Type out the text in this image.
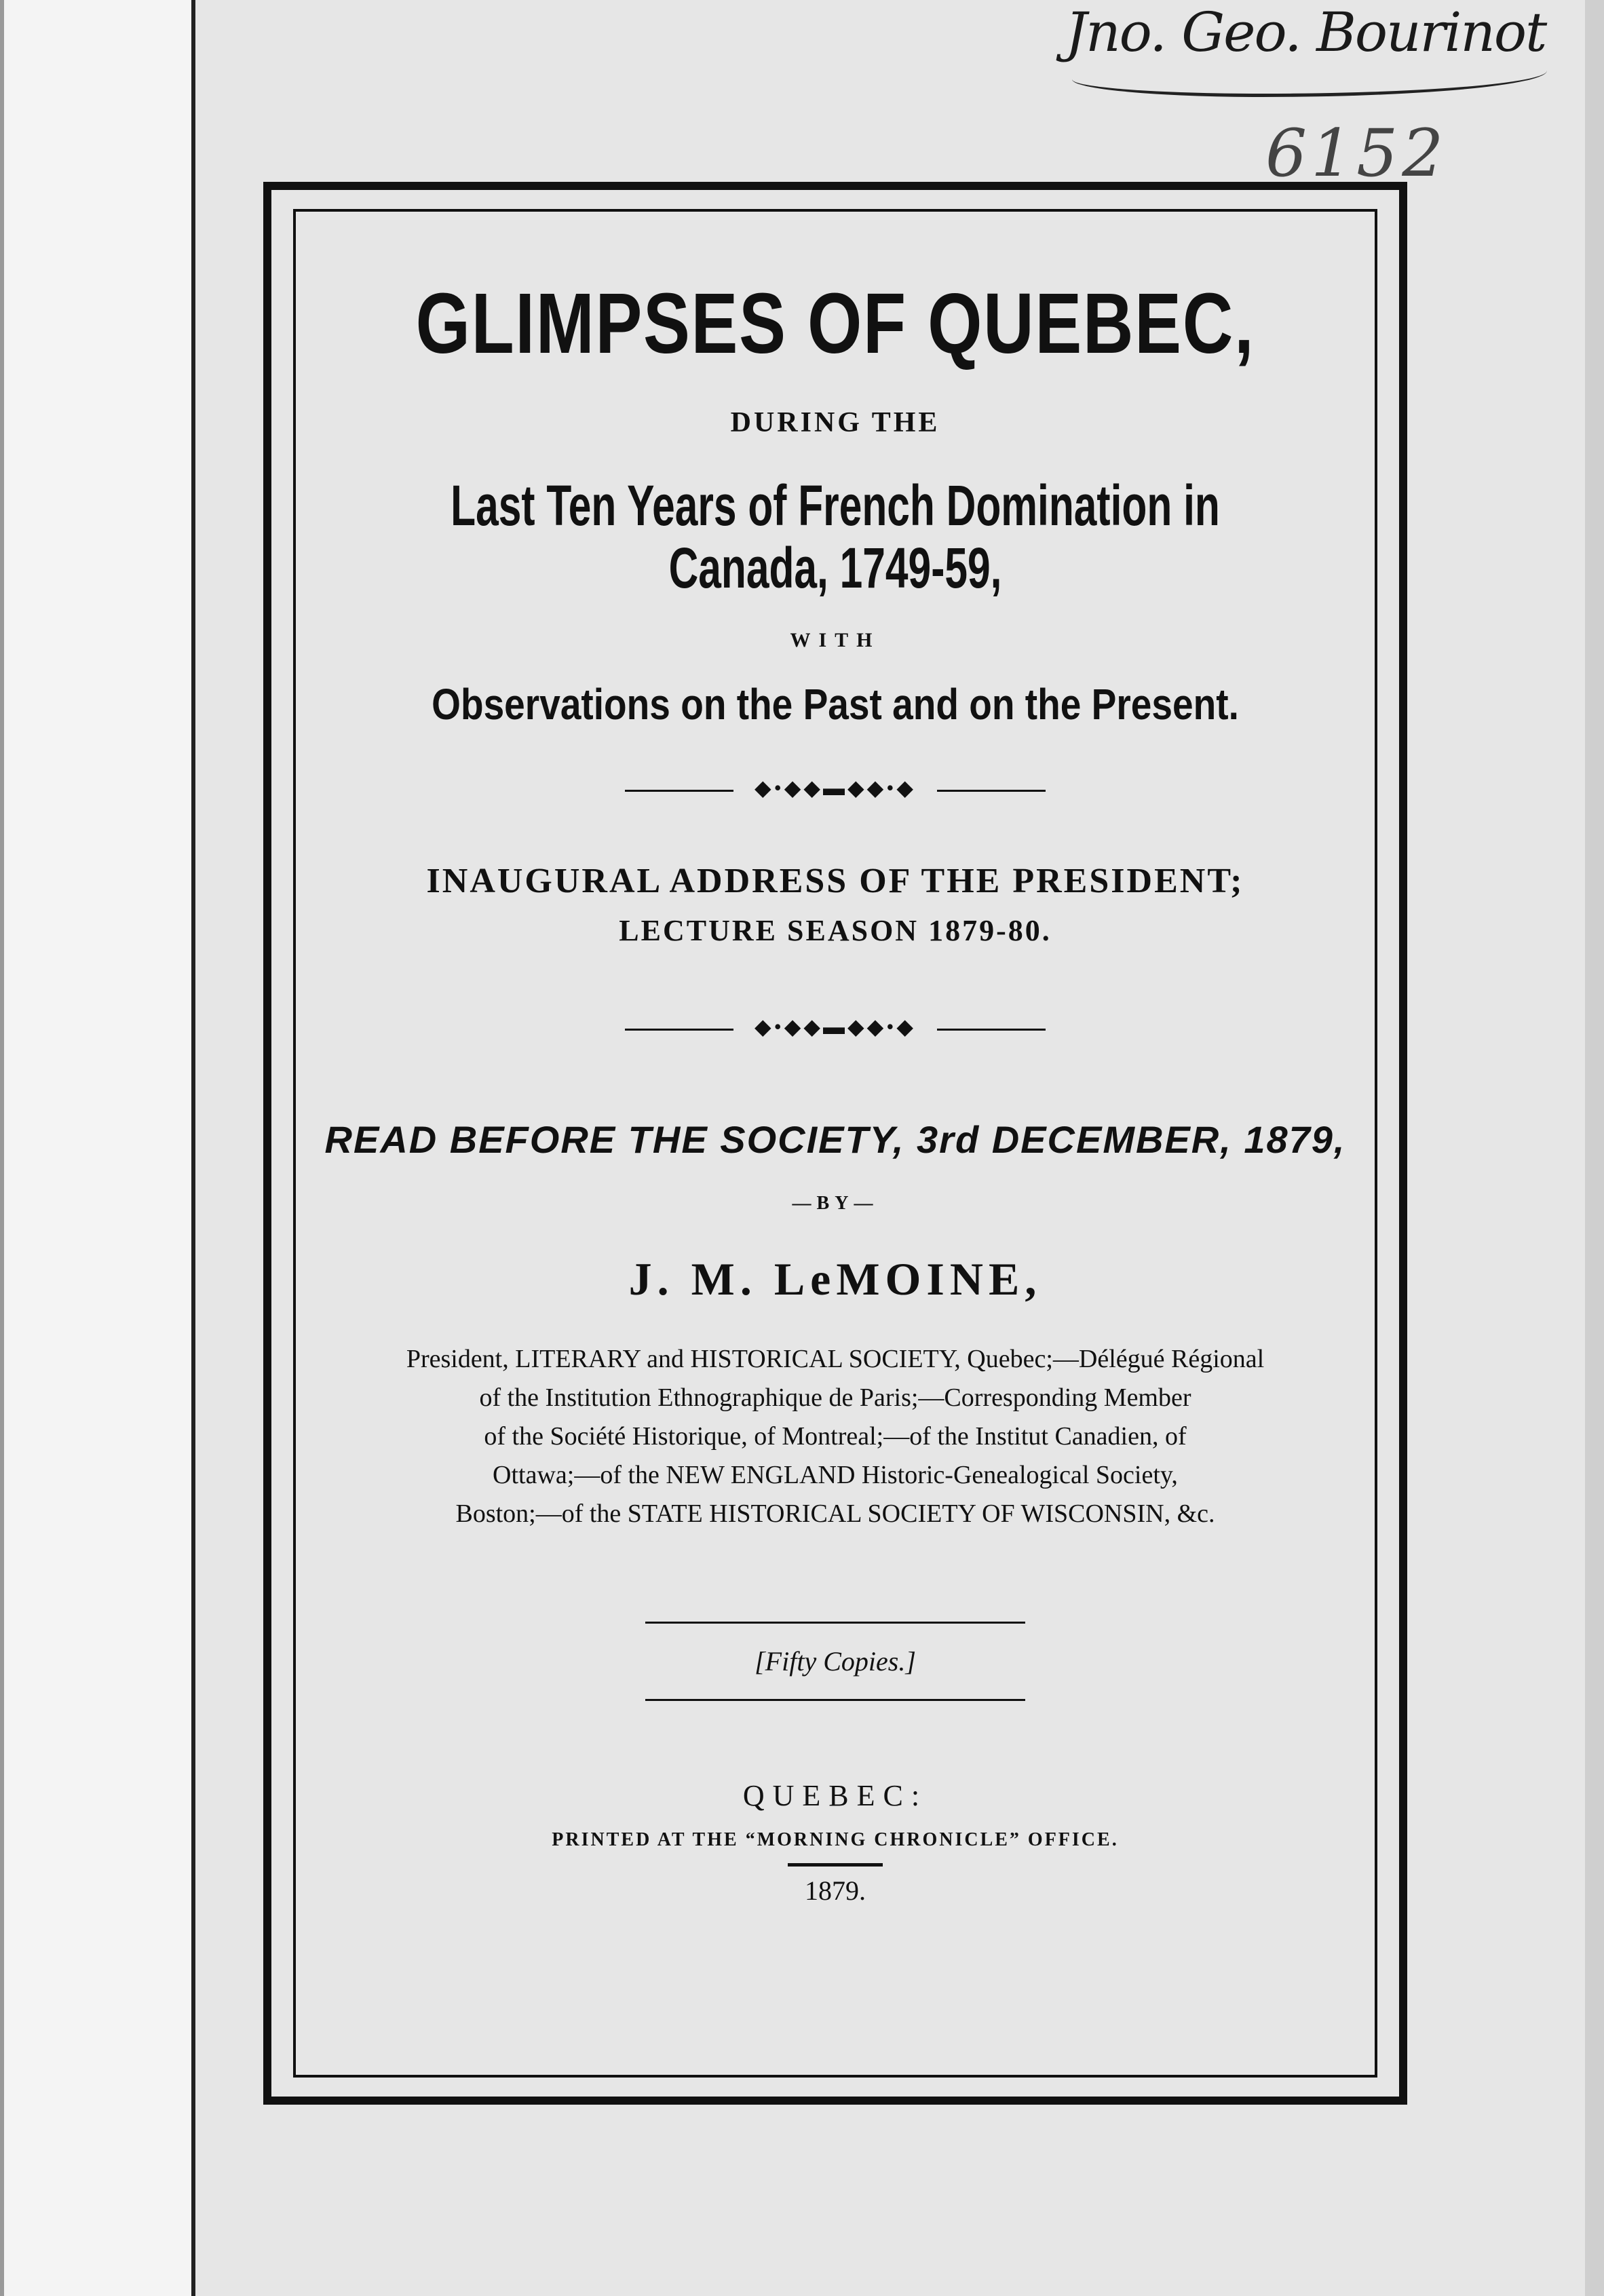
Jno. Geo. Bourinot
6152
GLIMPSES OF QUEBEC,
DURING THE
Last Ten Years of French Domination in Canada, 1749-59,
WITH
Observations on the Past and on the Present.
◆•◆◆▬◆◆•◆
INAUGURAL ADDRESS OF THE PRESIDENT;
LECTURE SEASON 1879-80.
◆•◆◆▬◆◆•◆
READ BEFORE THE SOCIETY, 3rd DECEMBER, 1879,
—BY—
J. M. LeMOINE,
President, LITERARY and HISTORICAL SOCIETY, Quebec;—Délégué Régional
of the Institution Ethnographique de Paris;—Corresponding Member
of the Société Historique, of Montreal;—of the Institut Canadien, of
Ottawa;—of the NEW ENGLAND Historic-Genealogical Society,
Boston;—of the STATE HISTORICAL SOCIETY OF WISCONSIN, &c.
[Fifty Copies.]
QUEBEC:
PRINTED AT THE “MORNING CHRONICLE” OFFICE.
1879.
